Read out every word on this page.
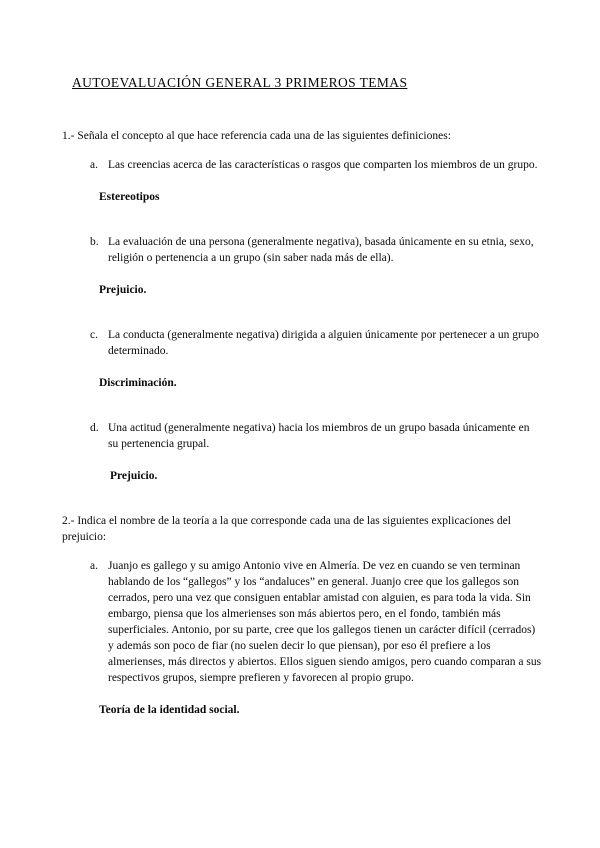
AUTOEVALUACIÓN GENERAL 3 PRIMEROS TEMAS

1.- Señala el concepto al que hace referencia cada una de las siguientes definiciones:

a. Las creencias acerca de las características o rasgos que comparten los miembros de un grupo.

Estereotipos

b. La evaluación de una persona (generalmente negativa), basada únicamente en su etnia, sexo, religión o pertenencia a un grupo (sin saber nada más de ella).

Prejuicio.

c. La conducta (generalmente negativa) dirigida a alguien únicamente por pertenecer a un grupo determinado.

Discriminación.

d. Una actitud (generalmente negativa) hacia los miembros de un grupo basada únicamente en su pertenencia grupal.

Prejuicio.

2.- Indica el nombre de la teoría a la que corresponde cada una de las siguientes explicaciones del prejuicio:

a. Juanjo es gallego y su amigo Antonio vive en Almería. De vez en cuando se ven terminan hablando de los “gallegos” y los “andaluces” en general. Juanjo cree que los gallegos son cerrados, pero una vez que consiguen entablar amistad con alguien, es para toda la vida. Sin embargo, piensa que los almerienses son más abiertos pero, en el fondo, también más superficiales. Antonio, por su parte, cree que los gallegos tienen un carácter difícil (cerrados) y además son poco de fiar (no suelen decir lo que piensan), por eso él prefiere a los almerienses, más directos y abiertos. Ellos siguen siendo amigos, pero cuando comparan a sus respectivos grupos, siempre prefieren y favorecen al propio grupo.

Teoría de la identidad social.
